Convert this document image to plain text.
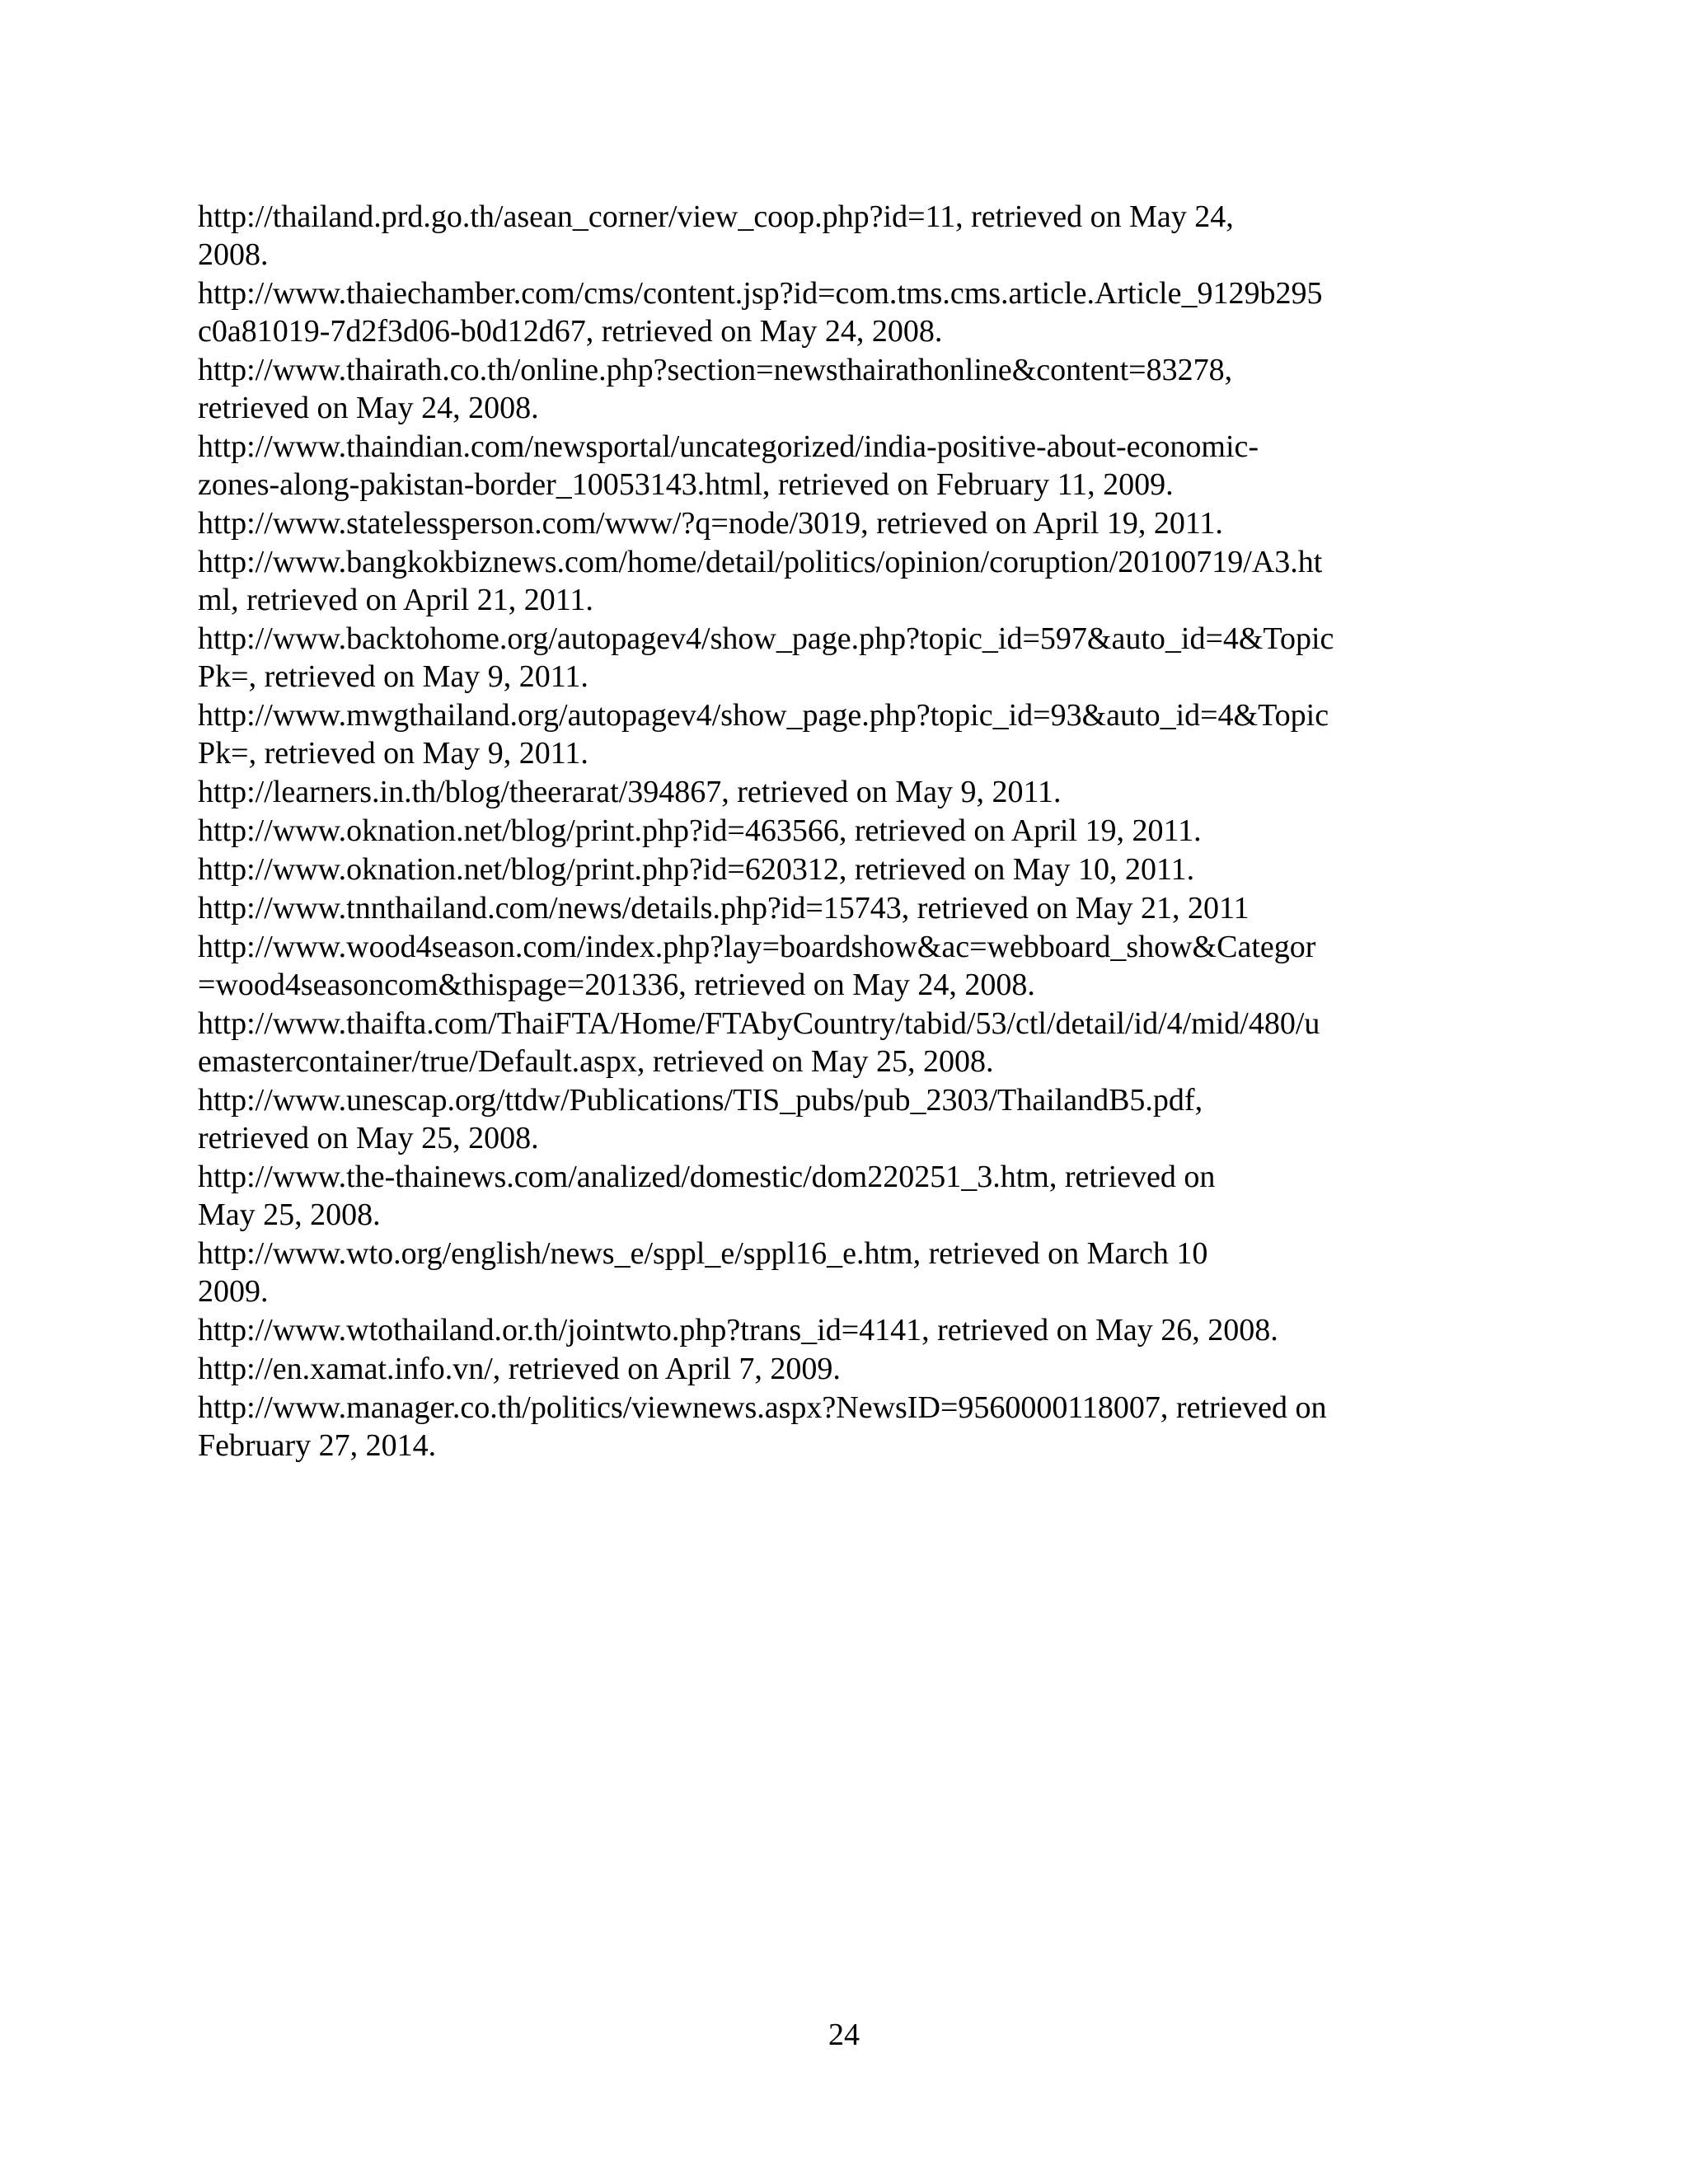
http://thailand.prd.go.th/asean_corner/view_coop.php?id=11, retrieved on May 24,
2008.
http://www.thaiechamber.com/cms/content.jsp?id=com.tms.cms.article.Article_9129b295
c0a81019-7d2f3d06-b0d12d67, retrieved on May 24, 2008.
http://www.thairath.co.th/online.php?section=newsthairathonline&content=83278,
retrieved on May 24, 2008.
http://www.thaindian.com/newsportal/uncategorized/india-positive-about-economic-
zones-along-pakistan-border_10053143.html, retrieved on February 11, 2009.
http://www.statelessperson.com/www/?q=node/3019, retrieved on April 19, 2011.
http://www.bangkokbiznews.com/home/detail/politics/opinion/coruption/20100719/A3.ht
ml, retrieved on April 21, 2011.
http://www.backtohome.org/autopagev4/show_page.php?topic_id=597&auto_id=4&Topic
Pk=, retrieved on May 9, 2011.
http://www.mwgthailand.org/autopagev4/show_page.php?topic_id=93&auto_id=4&Topic
Pk=, retrieved on May 9, 2011.
http://learners.in.th/blog/theerarat/394867, retrieved on May 9, 2011.
http://www.oknation.net/blog/print.php?id=463566, retrieved on April 19, 2011.
http://www.oknation.net/blog/print.php?id=620312, retrieved on May 10, 2011.
http://www.tnnthailand.com/news/details.php?id=15743, retrieved on May 21, 2011
http://www.wood4season.com/index.php?lay=boardshow&ac=webboard_show&Categor
=wood4seasoncom&thispage=201336, retrieved on May 24, 2008.
http://www.thaifta.com/ThaiFTA/Home/FTAbyCountry/tabid/53/ctl/detail/id/4/mid/480/u
emastercontainer/true/Default.aspx, retrieved on May 25, 2008.
http://www.unescap.org/ttdw/Publications/TIS_pubs/pub_2303/ThailandB5.pdf,
retrieved on May 25, 2008.
http://www.the-thainews.com/analized/domestic/dom220251_3.htm, retrieved on
May 25, 2008.
http://www.wto.org/english/news_e/sppl_e/sppl16_e.htm, retrieved on March 10
2009.
http://www.wtothailand.or.th/jointwto.php?trans_id=4141, retrieved on May 26, 2008.
http://en.xamat.info.vn/, retrieved on April 7, 2009.
http://www.manager.co.th/politics/viewnews.aspx?NewsID=9560000118007, retrieved on
February 27, 2014.
24
